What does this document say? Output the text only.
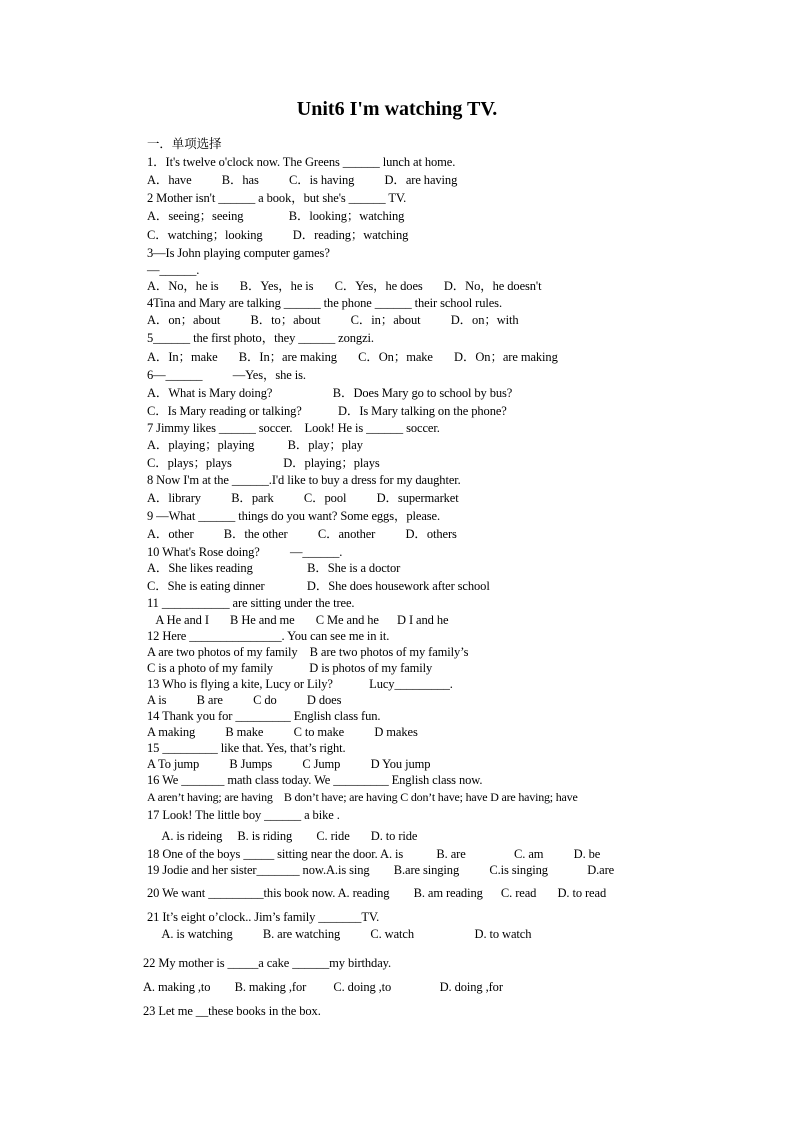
Unit6 I'm watching TV.
一．单项选择
1．It's twelve o'clock now. The Greens ______ lunch at home.
A．have          B．has          C．is having          D．are having
2 Mother isn't ______ a book，but she's ______ TV.
A．seeing；seeing               B．looking；watching
C．watching；looking          D．reading；watching
3—Is John playing computer games?
—______.
A．No，he is       B．Yes，he is       C．Yes，he does       D．No，he doesn't
4Tina and Mary are talking ______ the phone ______ their school rules.
A．on；about          B．to；about          C．in；about          D．on；with
5______ the first photo，they ______ zongzi.
A．In；make       B．In；are making       C．On；make       D．On；are making
6—______          —Yes，she is.
A．What is Mary doing?                    B．Does Mary go to school by bus?
C．Is Mary reading or talking?            D．Is Mary talking on the phone?
7 Jimmy likes ______ soccer.    Look! He is ______ soccer.
A．playing；playing           B．play；play
C．plays；plays                 D．playing；plays
8 Now I'm at the ______.I'd like to buy a dress for my daughter.
A．library          B．park          C．pool          D．supermarket
9 —What ______ things do you want? Some eggs，please.
A．other          B．the other          C．another          D．others
10 What's Rose doing?          —______.
A．She likes reading                  B．She is a doctor
C．She is eating dinner              D．She does housework after school
11 ___________ are sitting under the tree.
A He and I       B He and me       C Me and he      D I and he
12 Here _______________. You can see me in it.
A are two photos of my family    B are two photos of my family’s
C is a photo of my family            D is photos of my family
13 Who is flying a kite, Lucy or Lily?            Lucy_________.
A is          B are          C do          D does
14 Thank you for _________ English class fun.
A making          B make          C to make          D makes
15 _________ like that. Yes, that’s right.
A To jump          B Jumps          C Jump          D You jump
16 We _______ math class today. We _________ English class now.
A aren’t having; are having    B don’t have; are having C don’t have; have D are having; have
17 Look! The little boy ______ a bike .
A. is rideing     B. is riding        C. ride       D. to ride
18 One of the boys _____ sitting near the door. A. is           B. are                C. am          D. be
19 Jodie and her sister_______ now.A.is sing        B.are singing          C.is singing             D.are
20 We want _________this book now. A. reading        B. am reading      C. read       D. to read
21 It’s eight o’clock.. Jim’s family _______TV.
A. is watching          B. are watching          C. watch                    D. to watch
22 My mother is _____a cake ______my birthday.
A. making ,to        B. making ,for         C. doing ,to                D. doing ,for
23 Let me __these books in the box.
